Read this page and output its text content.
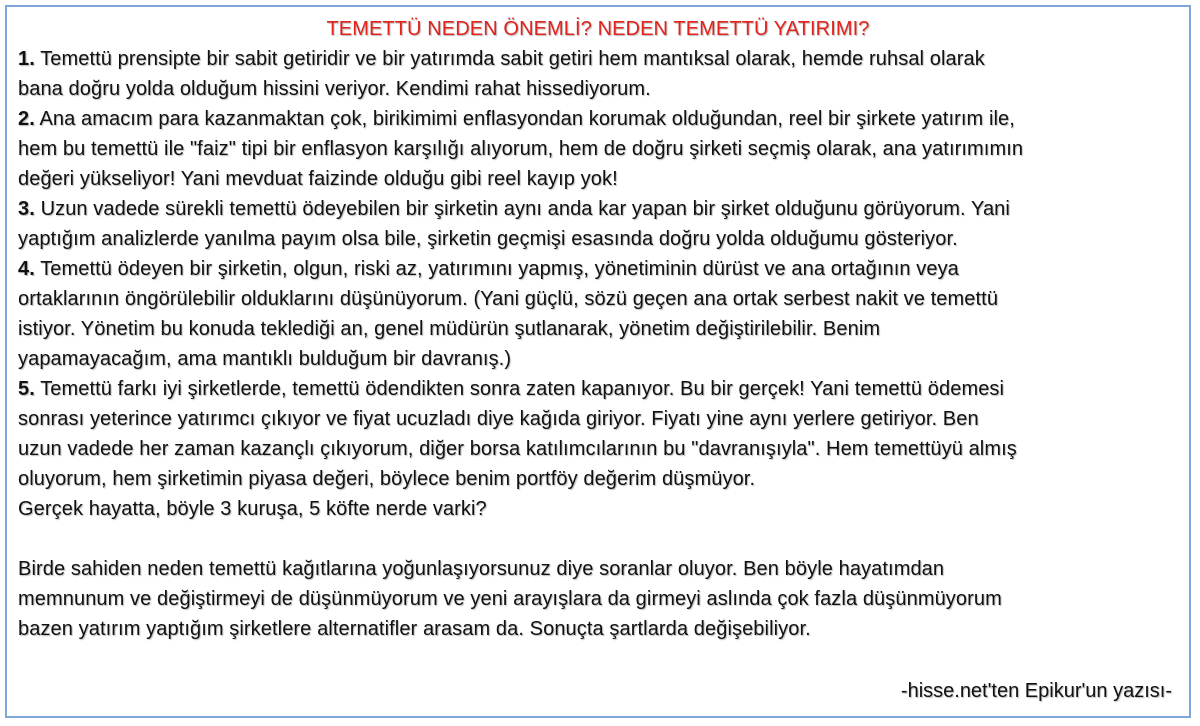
TEMETTÜ NEDEN ÖNEMLİ? NEDEN TEMETTÜ YATIRIMI?
1. Temettü prensipte bir sabit getiridir ve bir yatırımda sabit getiri hem mantıksal olarak, hemde ruhsal olarak
bana doğru yolda olduğum hissini veriyor. Kendimi rahat hissediyorum.
2. Ana amacım para kazanmaktan çok, birikimimi enflasyondan korumak olduğundan, reel bir şirkete yatırım ile,
hem bu temettü ile "faiz" tipi bir enflasyon karşılığı alıyorum, hem de doğru şirketi seçmiş olarak, ana yatırımımın
değeri yükseliyor! Yani mevduat faizinde olduğu gibi reel kayıp yok!
3. Uzun vadede sürekli temettü ödeyebilen bir şirketin aynı anda kar yapan bir şirket olduğunu görüyorum. Yani
yaptığım analizlerde yanılma payım olsa bile, şirketin geçmişi esasında doğru yolda olduğumu gösteriyor.
4. Temettü ödeyen bir şirketin, olgun, riski az, yatırımını yapmış, yönetiminin dürüst ve ana ortağının veya
ortaklarının öngörülebilir olduklarını düşünüyorum. (Yani güçlü, sözü geçen ana ortak serbest nakit ve temettü
istiyor. Yönetim bu konuda teklediği an, genel müdürün şutlanarak, yönetim değiştirilebilir. Benim
yapamayacağım, ama mantıklı bulduğum bir davranış.)
5. Temettü farkı iyi şirketlerde, temettü ödendikten sonra zaten kapanıyor. Bu bir gerçek! Yani temettü ödemesi
sonrası yeterince yatırımcı çıkıyor ve fiyat ucuzladı diye kağıda giriyor. Fiyatı yine aynı yerlere getiriyor. Ben
uzun vadede her zaman kazançlı çıkıyorum, diğer borsa katılımcılarının bu "davranışıyla". Hem temettüyü almış
oluyorum, hem şirketimin piyasa değeri, böylece benim portföy değerim düşmüyor.
Gerçek hayatta, böyle 3 kuruşa, 5 köfte nerde varki?
Birde sahiden neden temettü kağıtlarına yoğunlaşıyorsunuz diye soranlar oluyor. Ben böyle hayatımdan
memnunum ve değiştirmeyi de düşünmüyorum ve yeni arayışlara da girmeyi aslında çok fazla düşünmüyorum
bazen yatırım yaptığım şirketlere alternatifler arasam da. Sonuçta şartlarda değişebiliyor.
-hisse.net'ten Epikur'un yazısı-
